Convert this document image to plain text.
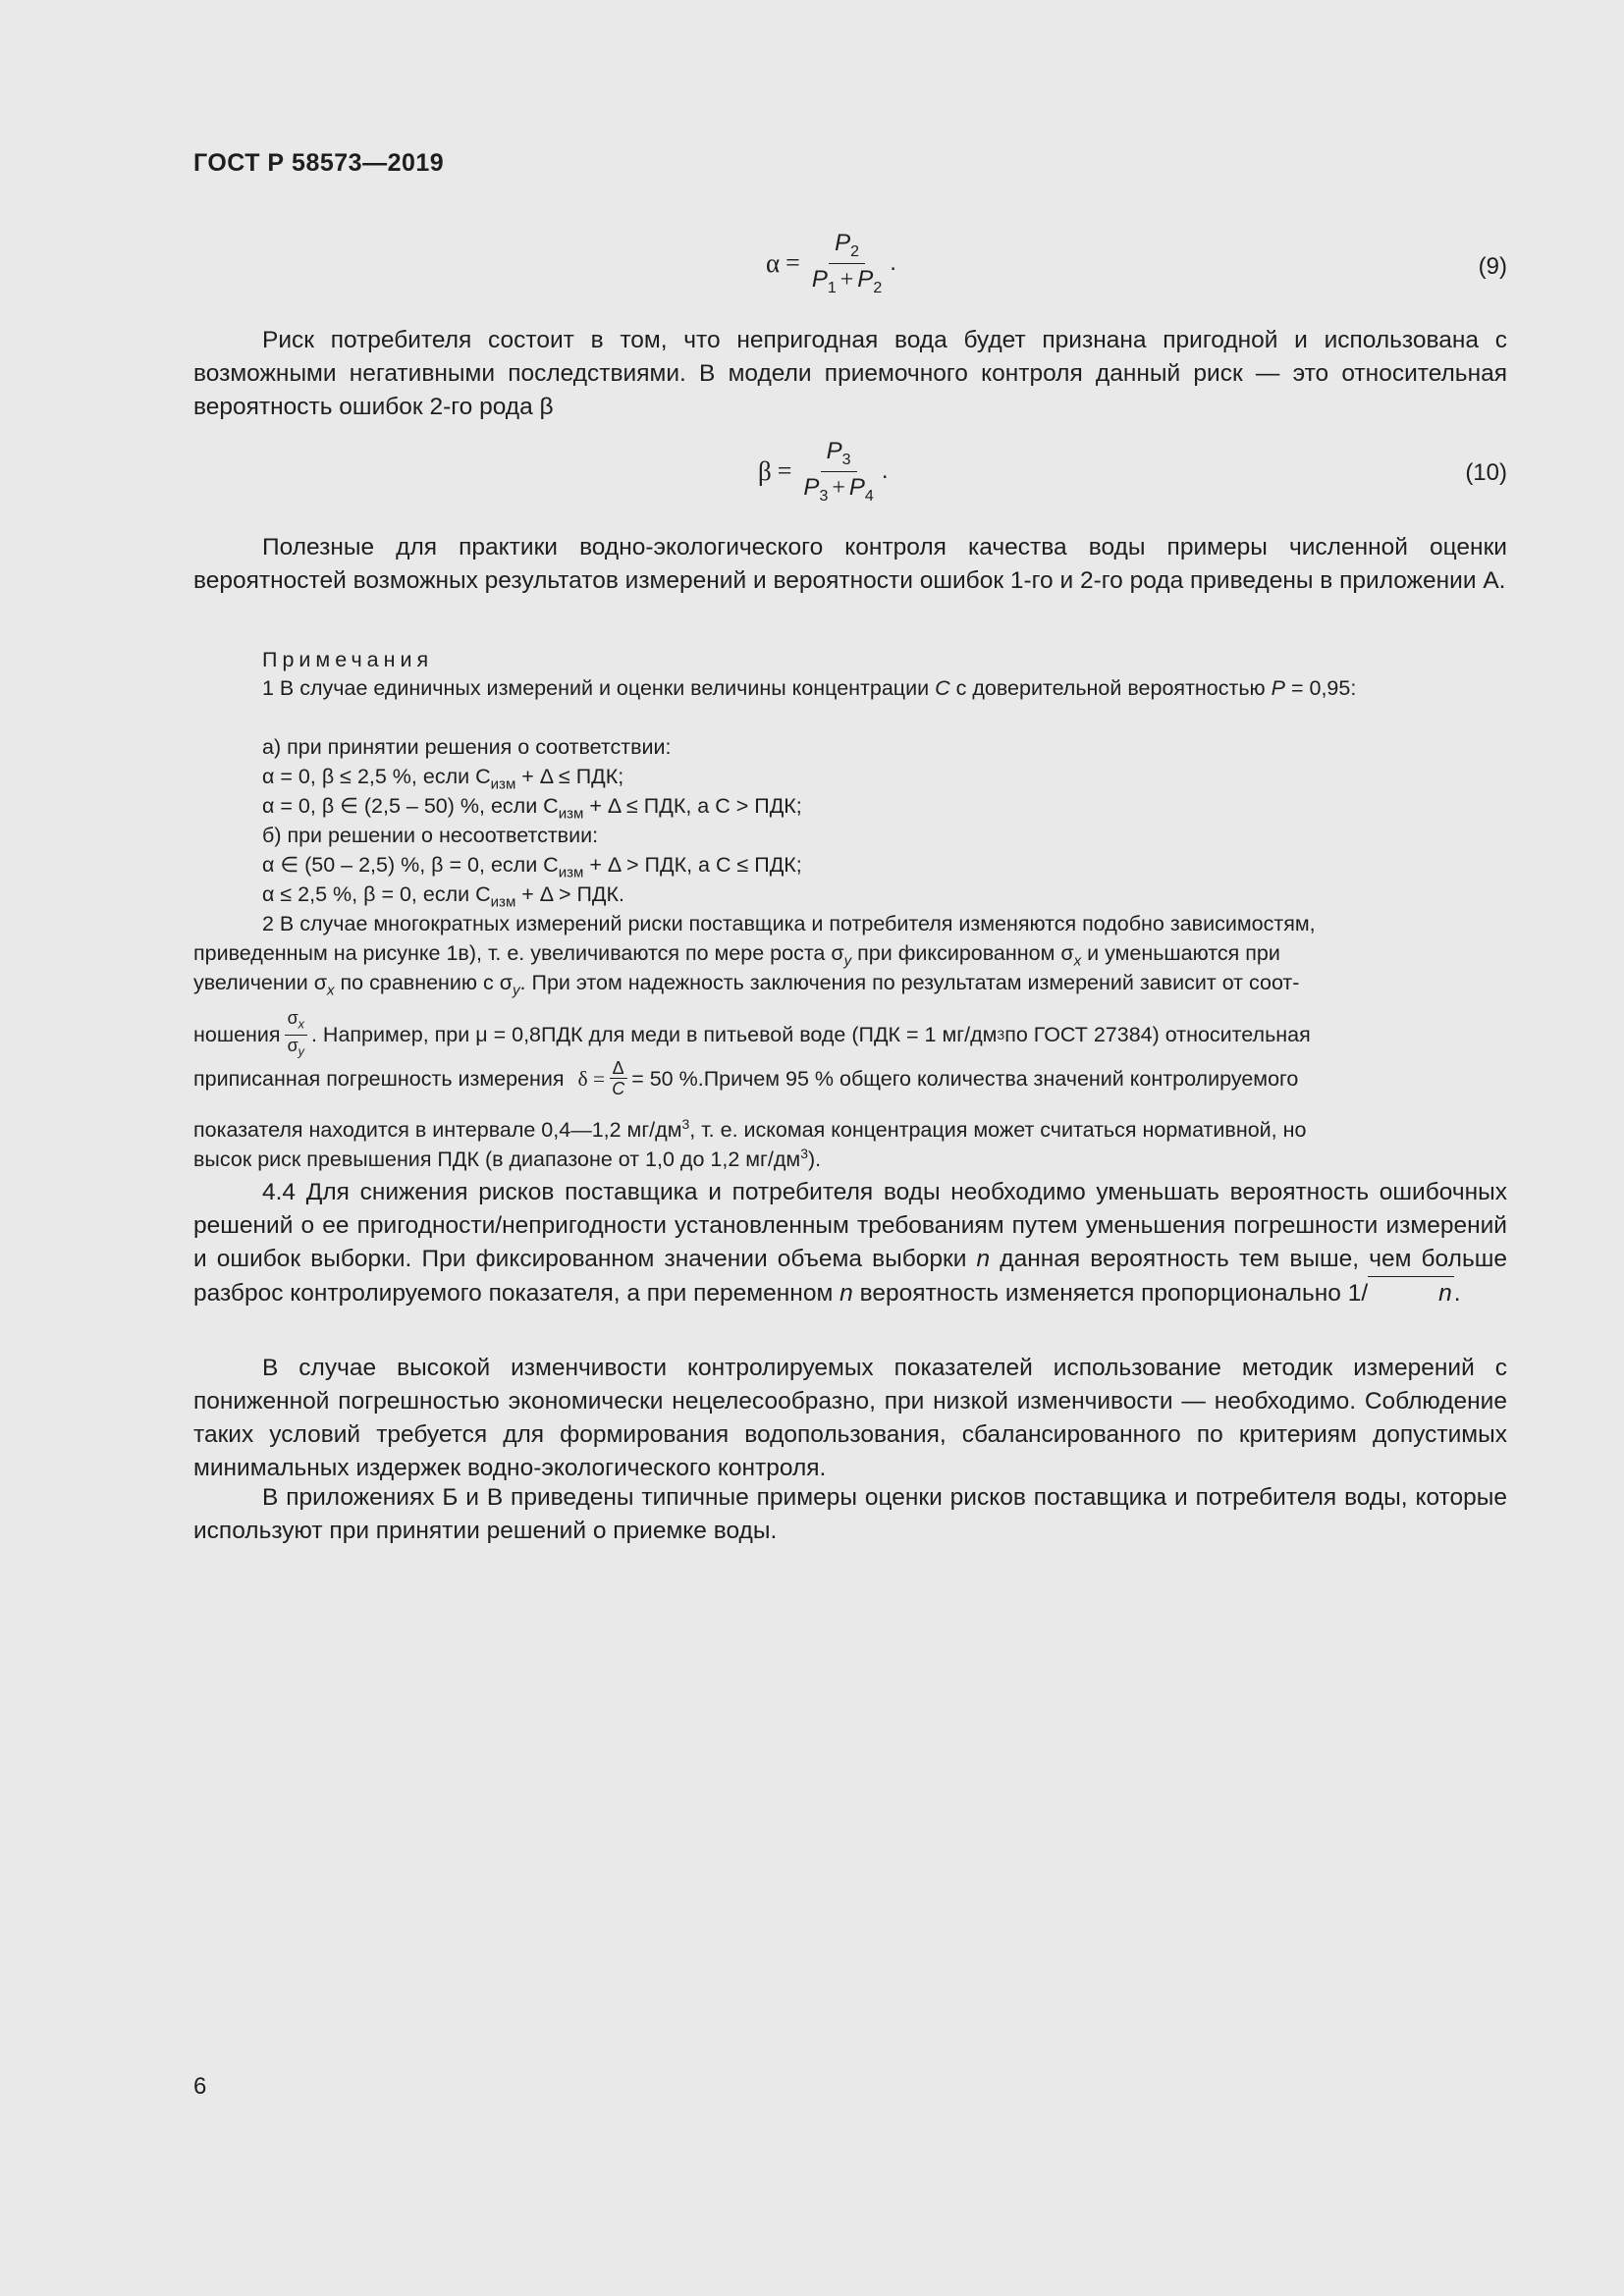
ГОСТ Р 58573—2019
$\alpha = \frac{P_2}{P_1 + P_2}$ .	(9)

Риск потребителя состоит в том, что непригодная вода будет признана пригодной и использована с возможными негативными последствиями. В модели приемочного контроля данный риск — это относительная вероятность ошибок 2-го рода β

$\beta = \frac{P_3}{P_3 + P_4}$ .	(10)

Полезные для практики водно-экологического контроля качества воды примеры численной оценки вероятностей возможных результатов измерений и вероятности ошибок 1-го и 2-го рода приведены в приложении А.

Примечания

1 В случае единичных измерений и оценки величины концентрации C с доверительной вероятностью P = 0,95:

а) при принятии решения о соответствии:
α = 0, β ≤ 2,5 %, если $C_{изм} + \Delta$ ≤ ПДК;
α = 0, β ∈ (2,5 – 50) %, если $C_{изм} + \Delta$ ≤ ПДК, а C > ПДК;
б) при решении о несоответствии:
α ∈ (50 – 2,5) %, β = 0, если $C_{изм} + \Delta$ > ПДК, а C ≤ ПДК;
α ≤ 2,5 %, β = 0, если $C_{изм} + \Delta$ > ПДК.
2 В случае многократных измерений риски поставщика и потребителя изменяются подобно зависимостям,
приведенным на рисунке 1в), т. е. увеличиваются по мере роста $\sigma_y$ при фиксированном $\sigma_x$ и уменьшаются при
увеличении $\sigma_x$ по сравнению с $\sigma_y$. При этом надежность заключения по результатам измерений зависит от соот-
ношения $\frac{\sigma_x}{\sigma_y}$ . Например, при μ = 0,8ПДК для меди в питьевой воде (ПДК = 1 мг/дм 3 по ГОСТ 27384) относительная
приписанная погрешность измерения $\delta = \frac{\Delta}{C} = 50$ %. Причем 95 % общего количества значений контролируемого
показателя находится в интервале 0,4—1,2 $мг/дм^3$, т. е. искомая концентрация может считаться нормативной, но
высок риск превышения ПДК (в диапазоне от 1,0 до 1,2 $мг/дм^3$).

4.4 Для снижения рисков поставщика и потребителя воды необходимо уменьшать вероятность ошибочных решений о ее пригодности/непригодности установленным требованиям путем уменьшения погрешности измерений и ошибок выборки. При фиксированном значении объема выборки n данная вероятность тем выше, чем больше разброс контролируемого показателя, а при переменном n вероятность изменяется пропорционально 1/	n.

В случае высокой изменчивости контролируемых показателей использование методик измерений с пониженной погрешностью экономически нецелесообразно, при низкой изменчивости — необходимо. Соблюдение таких условий требуется для формирования водопользования, сбалансированного по критериям допустимых минимальных издержек водно-экологического контроля.

В приложениях Б и В приведены типичные примеры оценки рисков поставщика и потребителя воды, которые используют при принятии решений о приемке воды.

6
